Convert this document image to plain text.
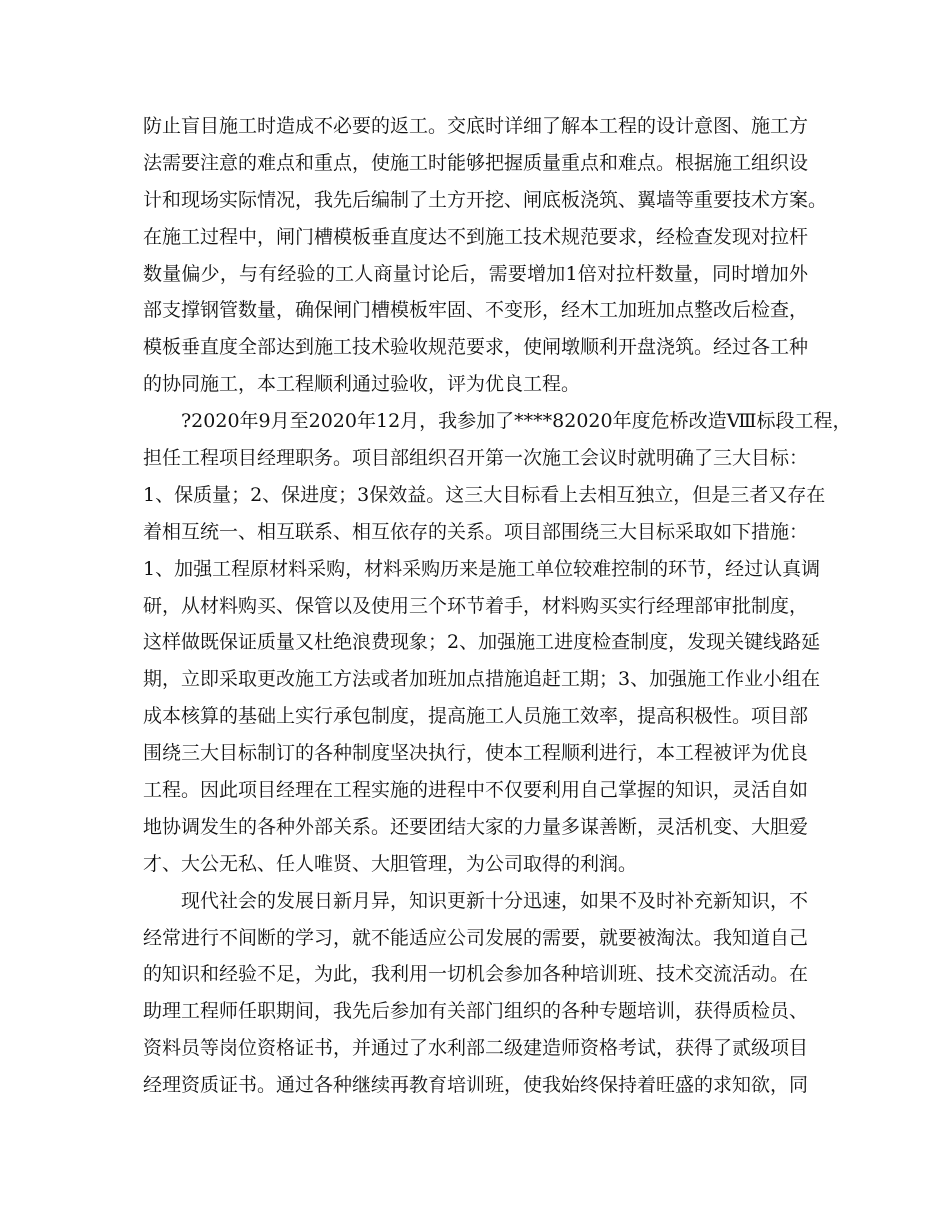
防止盲目施工时造成不必要的返工。交底时详细了解本工程的设计意图、施工方
法需要注意的难点和重点，使施工时能够把握质量重点和难点。根据施工组织设
计和现场实际情况，我先后编制了土方开挖、闸底板浇筑、翼墙等重要技术方案。
在施工过程中，闸门槽模板垂直度达不到施工技术规范要求，经检查发现对拉杆
数量偏少，与有经验的工人商量讨论后，需要增加1倍对拉杆数量，同时增加外
部支撑钢管数量，确保闸门槽模板牢固、不变形，经木工加班加点整改后检查，
模板垂直度全部达到施工技术验收规范要求，使闸墩顺利开盘浇筑。经过各工种
的协同施工，本工程顺利通过验收，评为优良工程。
?2020年9月至2020年12月，我参加了****82020年度危桥改造Ⅷ标段工程，
担任工程项目经理职务。项目部组织召开第一次施工会议时就明确了三大目标：
1、保质量；2、保进度；3保效益。这三大目标看上去相互独立，但是三者又存在
着相互统一、相互联系、相互依存的关系。项目部围绕三大目标采取如下措施：
1、加强工程原材料采购，材料采购历来是施工单位较难控制的环节，经过认真调
研，从材料购买、保管以及使用三个环节着手，材料购买实行经理部审批制度，
这样做既保证质量又杜绝浪费现象；2、加强施工进度检查制度，发现关键线路延
期，立即采取更改施工方法或者加班加点措施追赶工期；3、加强施工作业小组在
成本核算的基础上实行承包制度，提高施工人员施工效率，提高积极性。项目部
围绕三大目标制订的各种制度坚决执行，使本工程顺利进行，本工程被评为优良
工程。因此项目经理在工程实施的进程中不仅要利用自己掌握的知识，灵活自如
地协调发生的各种外部关系。还要团结大家的力量多谋善断，灵活机变、大胆爱
才、大公无私、任人唯贤、大胆管理，为公司取得的利润。
现代社会的发展日新月异，知识更新十分迅速，如果不及时补充新知识，不
经常进行不间断的学习，就不能适应公司发展的需要，就要被淘汰。我知道自己
的知识和经验不足，为此，我利用一切机会参加各种培训班、技术交流活动。在
助理工程师任职期间，我先后参加有关部门组织的各种专题培训，获得质检员、
资料员等岗位资格证书，并通过了水利部二级建造师资格考试，获得了贰级项目
经理资质证书。通过各种继续再教育培训班，使我始终保持着旺盛的求知欲，同
